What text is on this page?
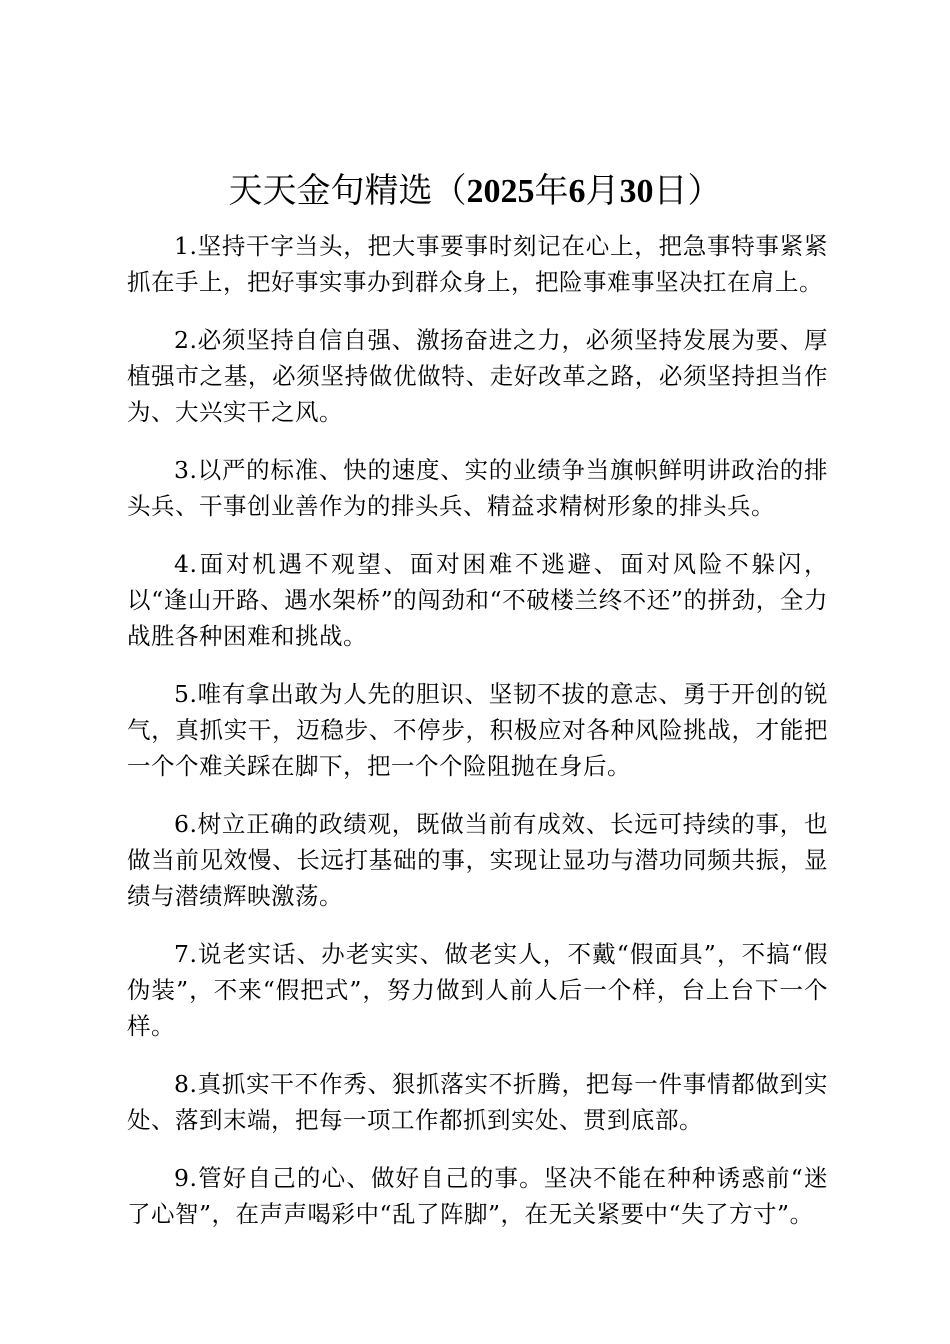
天天金句精选（2025年6月30日）

1.坚持干字当头，把大事要事时刻记在心上，把急事特事紧紧抓在手上，把好事实事办到群众身上，把险事难事坚决扛在肩上。

2.必须坚持自信自强、激扬奋进之力，必须坚持发展为要、厚植强市之基，必须坚持做优做特、走好改革之路，必须坚持担当作为、大兴实干之风。

3.以严的标准、快的速度、实的业绩争当旗帜鲜明讲政治的排头兵、干事创业善作为的排头兵、精益求精树形象的排头兵。

4.面对机遇不观望、面对困难不逃避、面对风险不躲闪，以“逢山开路、遇水架桥”的闯劲和“不破楼兰终不还”的拼劲，全力战胜各种困难和挑战。

5.唯有拿出敢为人先的胆识、坚韧不拔的意志、勇于开创的锐气，真抓实干，迈稳步、不停步，积极应对各种风险挑战，才能把一个个难关踩在脚下，把一个个险阻抛在身后。

6.树立正确的政绩观，既做当前有成效、长远可持续的事，也做当前见效慢、长远打基础的事，实现让显功与潜功同频共振，显绩与潜绩辉映激荡。

7.说老实话、办老实实、做老实人，不戴“假面具”，不搞“假伪装”，不来“假把式”，努力做到人前人后一个样，台上台下一个样。

8.真抓实干不作秀、狠抓落实不折腾，把每一件事情都做到实处、落到末端，把每一项工作都抓到实处、贯到底部。

9.管好自己的心、做好自己的事。坚决不能在种种诱惑前“迷了心智”，在声声喝彩中“乱了阵脚”，在无关紧要中“失了方寸”。
